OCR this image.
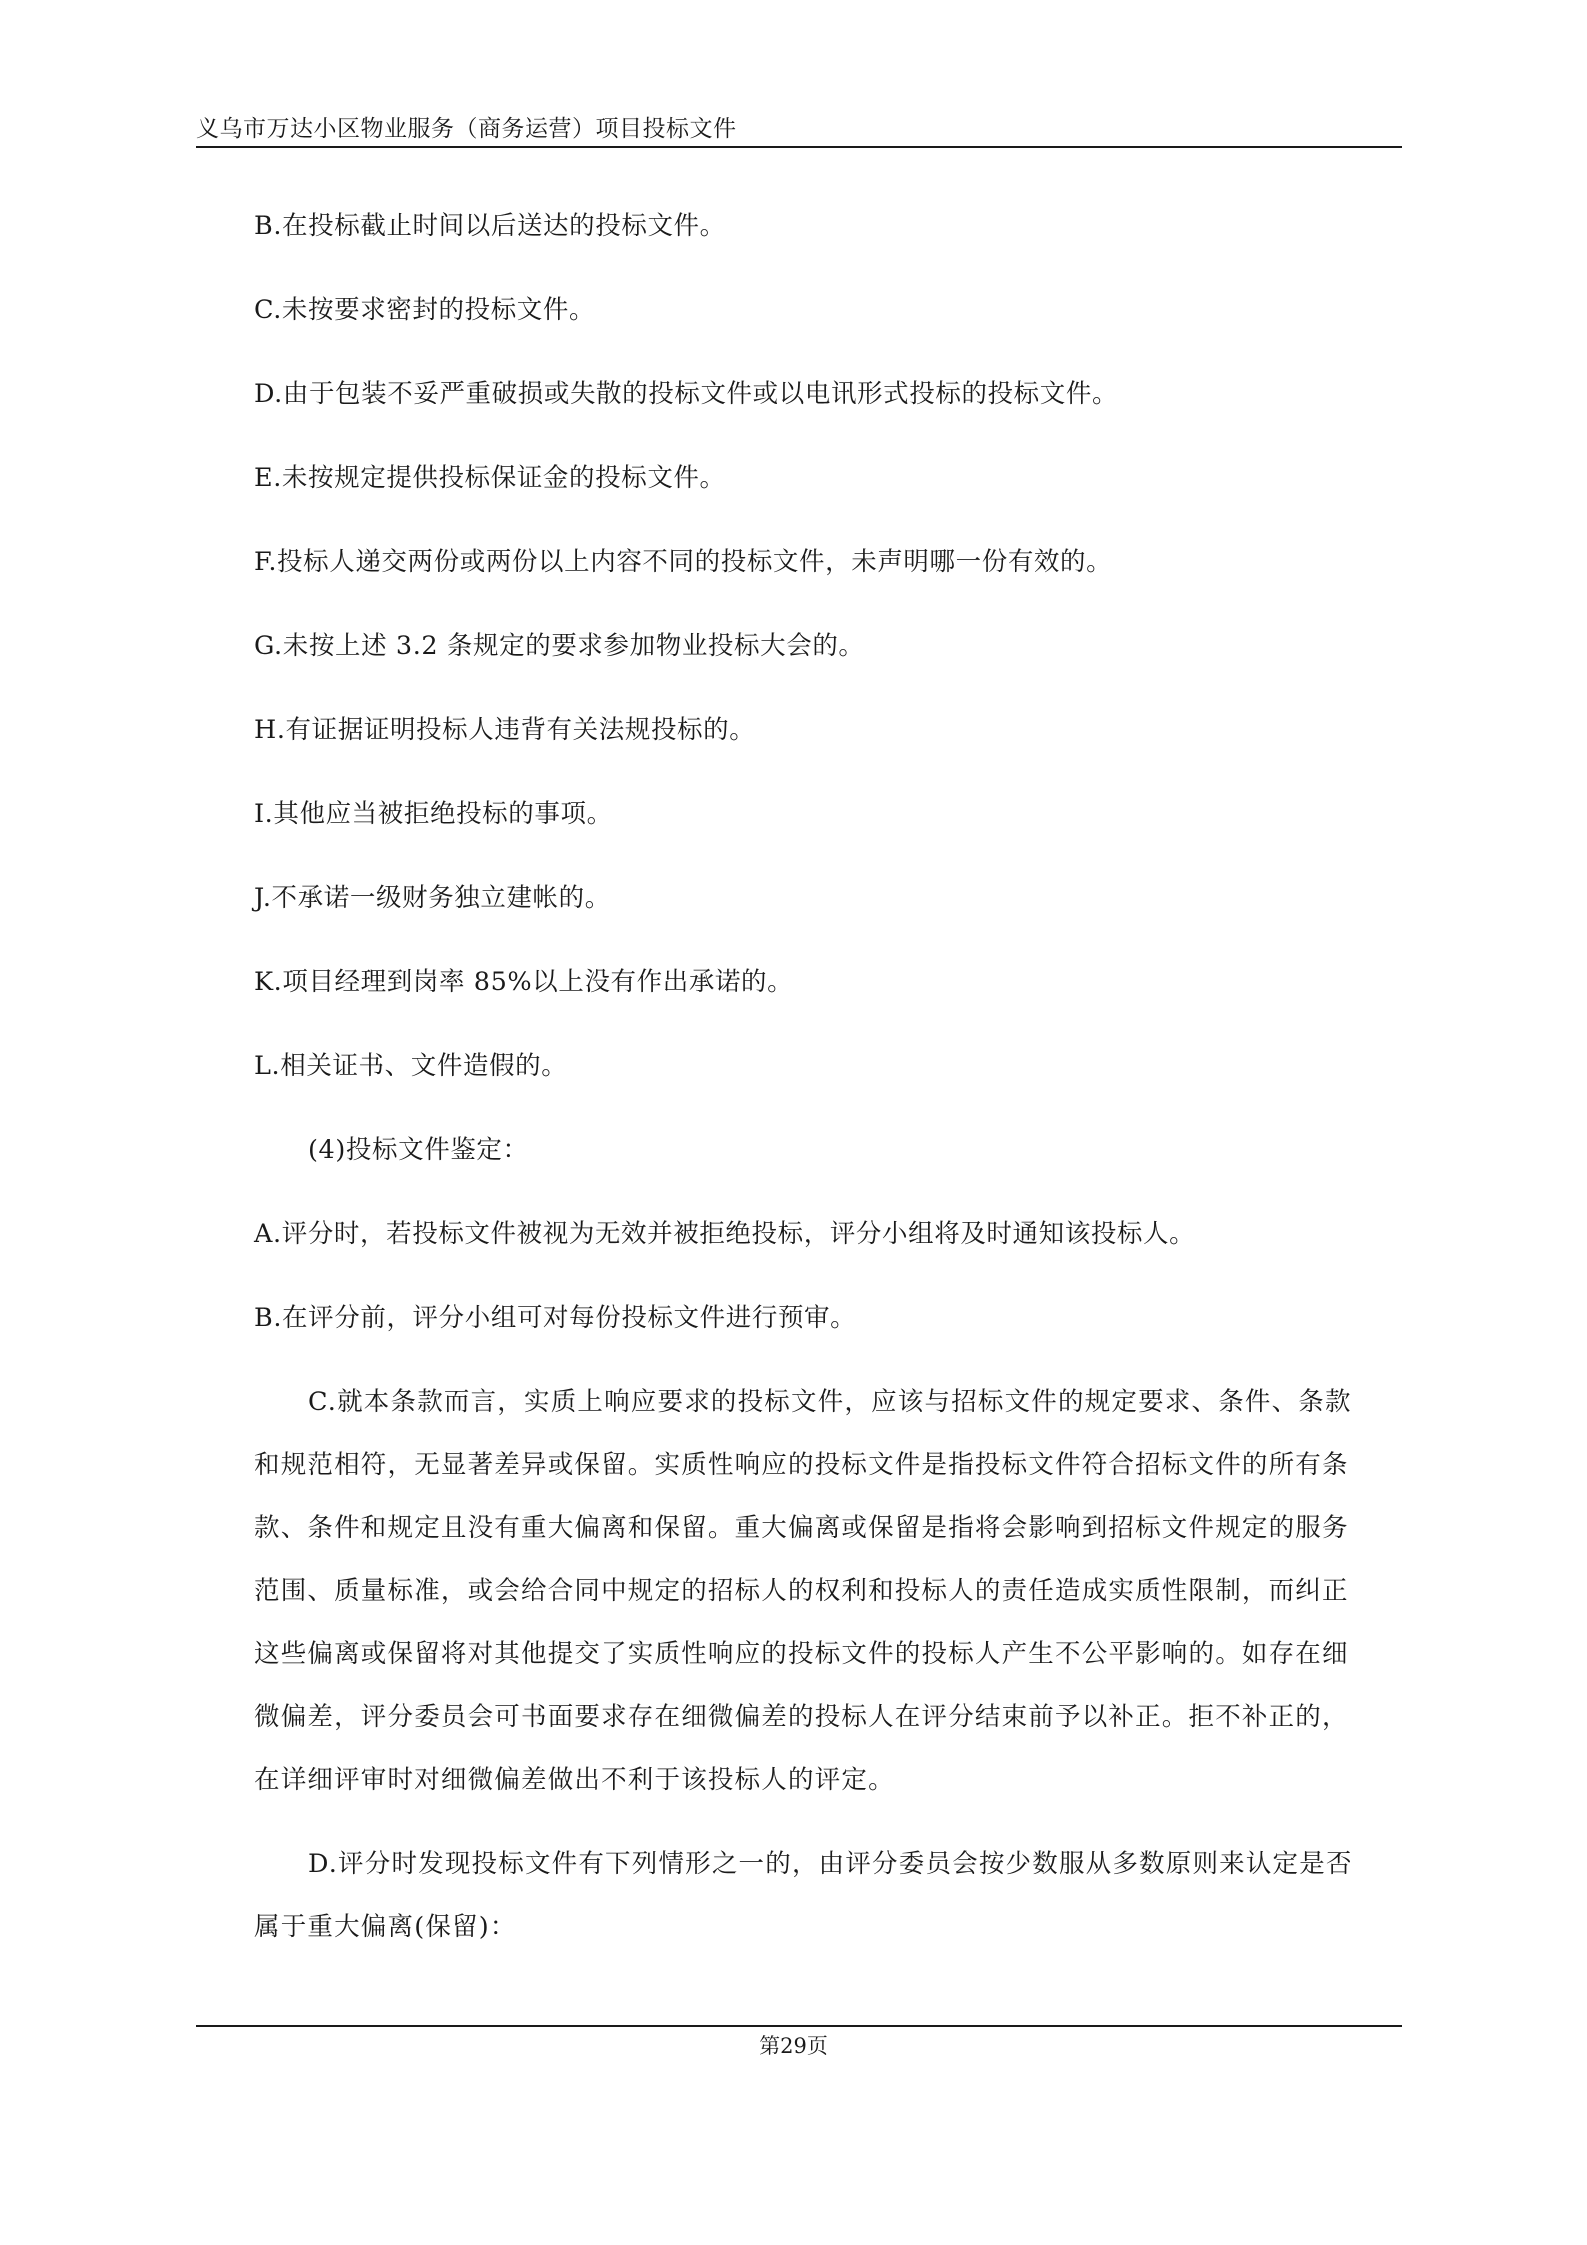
义乌市万达小区物业服务（商务运营）项目投标文件
B.在投标截止时间以后送达的投标文件。
C.未按要求密封的投标文件。
D.由于包装不妥严重破损或失散的投标文件或以电讯形式投标的投标文件。
E.未按规定提供投标保证金的投标文件。
F.投标人递交两份或两份以上内容不同的投标文件，未声明哪一份有效的。
G.未按上述 3.2 条规定的要求参加物业投标大会的。
H.有证据证明投标人违背有关法规投标的。
I.其他应当被拒绝投标的事项。
J.不承诺一级财务独立建帐的。
K.项目经理到岗率 85%以上没有作出承诺的。
L.相关证书、文件造假的。
(4)投标文件鉴定：
A.评分时，若投标文件被视为无效并被拒绝投标，评分小组将及时通知该投标人。
B.在评分前，评分小组可对每份投标文件进行预审。
C.就本条款而言，实质上响应要求的投标文件，应该与招标文件的规定要求、条件、条款
和规范相符，无显著差异或保留。实质性响应的投标文件是指投标文件符合招标文件的所有条
款、条件和规定且没有重大偏离和保留。重大偏离或保留是指将会影响到招标文件规定的服务
范围、质量标准，或会给合同中规定的招标人的权利和投标人的责任造成实质性限制，而纠正
这些偏离或保留将对其他提交了实质性响应的投标文件的投标人产生不公平影响的。如存在细
微偏差，评分委员会可书面要求存在细微偏差的投标人在评分结束前予以补正。拒不补正的，
在详细评审时对细微偏差做出不利于该投标人的评定。
D.评分时发现投标文件有下列情形之一的，由评分委员会按少数服从多数原则来认定是否
属于重大偏离(保留)：
第29页
